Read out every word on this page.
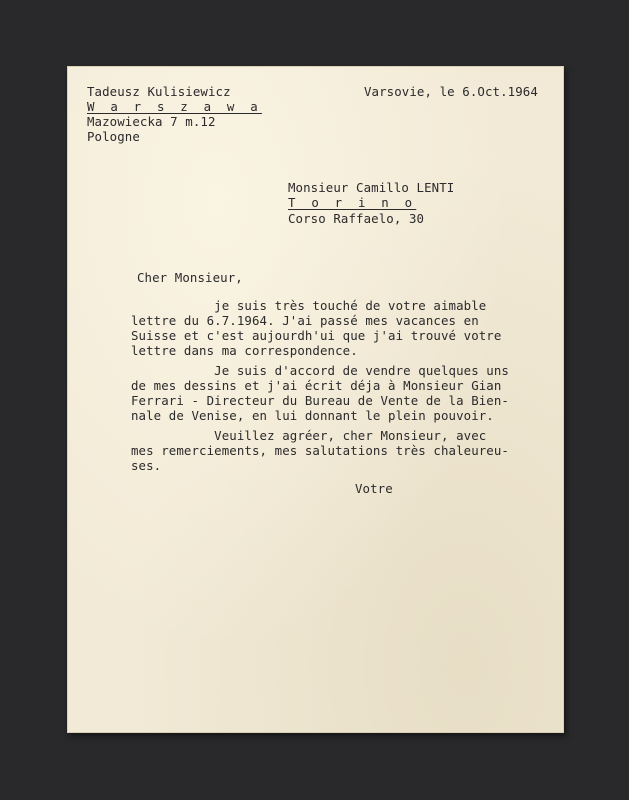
Tadeusz Kulisiewicz
W a r s z a w a
Mazowiecka 7 m.12
Pologne
Varsovie, le 6.Oct.1964
Monsieur Camillo LENTI
T o r i n o
Corso Raffaelo, 30
Cher Monsieur,
je suis très touché de votre aimable
lettre du 6.7.1964. J'ai passé mes vacances en
Suisse et c'est aujourdh'ui que j'ai trouvé votre
lettre dans ma correspondence.
Je suis d'accord de vendre quelques uns
de mes dessins et j'ai écrit déja à Monsieur Gian
Ferrari - Directeur du Bureau de Vente de la Bien-
nale de Venise, en lui donnant le plein pouvoir.
Veuillez agréer, cher Monsieur, avec
mes remerciements, mes salutations très chaleureu-
ses.
Votre
